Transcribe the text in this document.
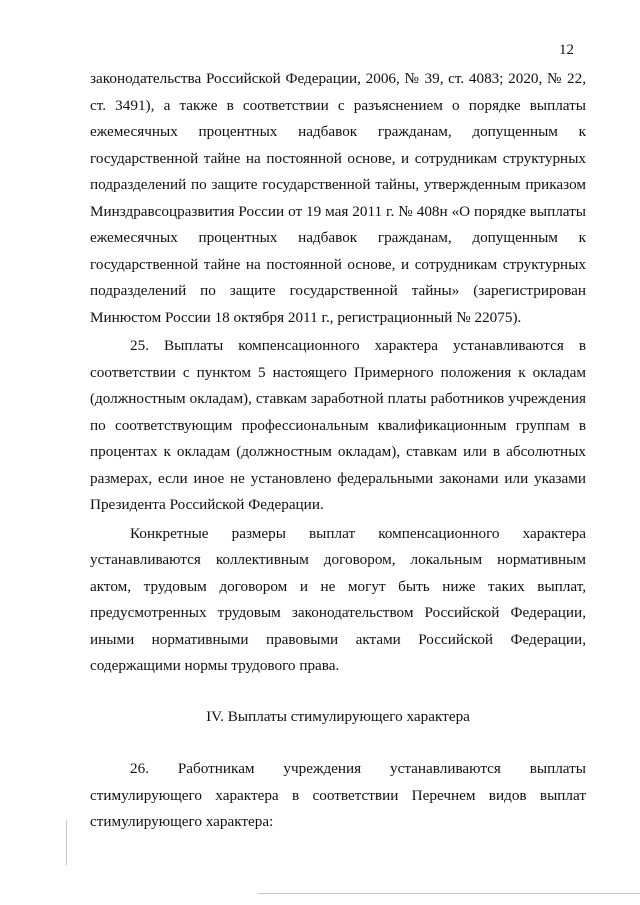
12

законодательства Российской Федерации, 2006, № 39, ст. 4083; 2020, № 22, ст. 3491), а также в соответствии с разъяснением о порядке выплаты ежемесячных процентных надбавок гражданам, допущенным к государственной тайне на постоянной основе, и сотрудникам структурных подразделений по защите государственной тайны, утвержденным приказом Минздравсоцразвития России от 19 мая 2011 г. № 408н «О порядке выплаты ежемесячных процентных надбавок гражданам, допущенным к государственной тайне на постоянной основе, и сотрудникам структурных подразделений по защите государственной тайны» (зарегистрирован Минюстом России 18 октября 2011 г., регистрационный № 22075).

25. Выплаты компенсационного характера устанавливаются в соответствии с пунктом 5 настоящего Примерного положения к окладам (должностным окладам), ставкам заработной платы работников учреждения по соответствующим профессиональным квалификационным группам в процентах к окладам (должностным окладам), ставкам или в абсолютных размерах, если иное не установлено федеральными законами или указами Президента Российской Федерации.

Конкретные размеры выплат компенсационного характера устанавливаются коллективным договором, локальным нормативным актом, трудовым договором и не могут быть ниже таких выплат, предусмотренных трудовым законодательством Российской Федерации, иными нормативными правовыми актами Российской Федерации, содержащими нормы трудового права.

IV. Выплаты стимулирующего характера

26. Работникам учреждения устанавливаются выплаты стимулирующего характера в соответствии Перечнем видов выплат стимулирующего характера:
